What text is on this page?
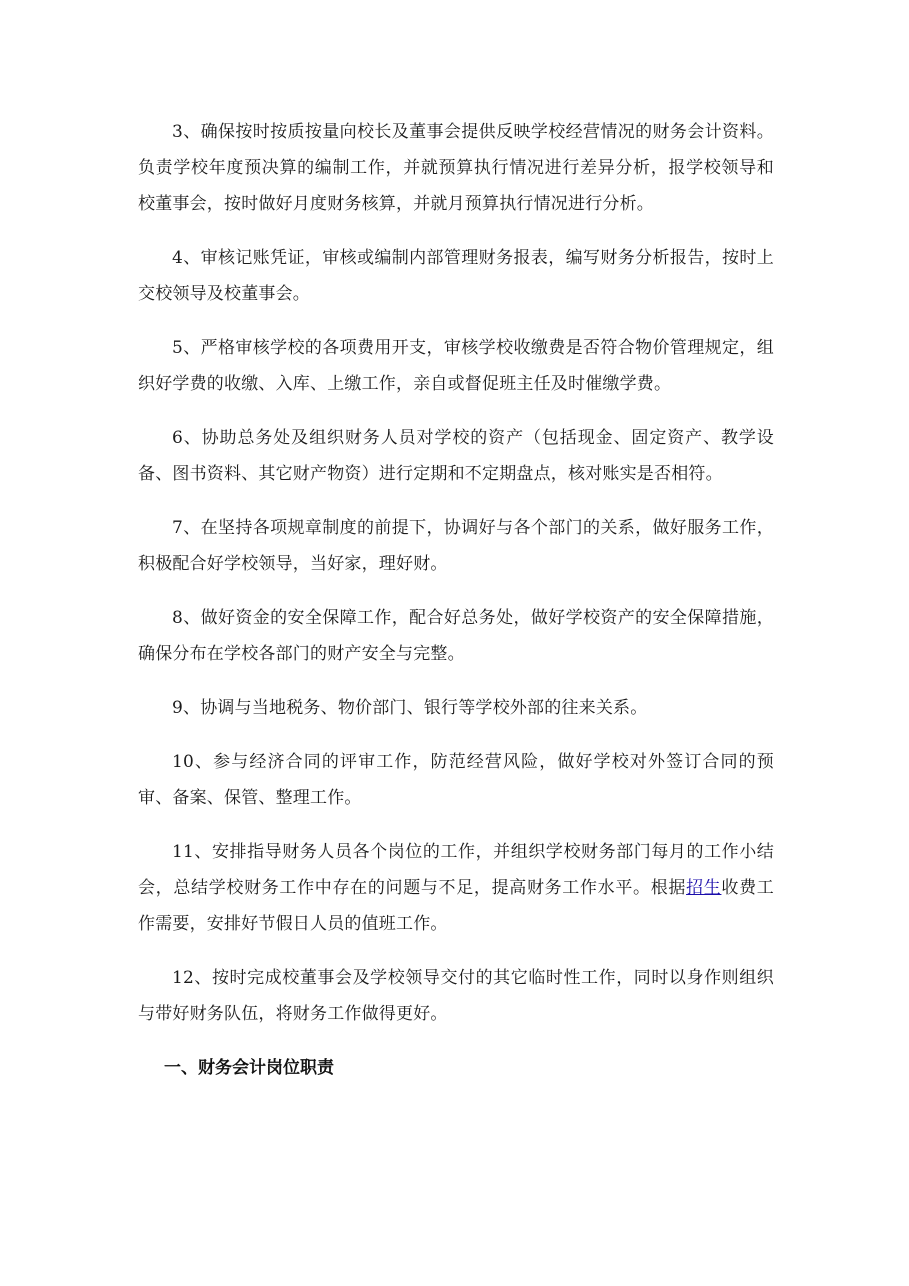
3、确保按时按质按量向校长及董事会提供反映学校经营情况的财务会计资料。负责学校年度预决算的编制工作，并就预算执行情况进行差异分析，报学校领导和校董事会，按时做好月度财务核算，并就月预算执行情况进行分析。

4、审核记账凭证，审核或编制内部管理财务报表，编写财务分析报告，按时上交校领导及校董事会。

5、严格审核学校的各项费用开支，审核学校收缴费是否符合物价管理规定，组织好学费的收缴、入库、上缴工作，亲自或督促班主任及时催缴学费。

6、协助总务处及组织财务人员对学校的资产（包括现金、固定资产、教学设备、图书资料、其它财产物资）进行定期和不定期盘点，核对账实是否相符。

7、在坚持各项规章制度的前提下，协调好与各个部门的关系，做好服务工作，积极配合好学校领导，当好家，理好财。

8、做好资金的安全保障工作，配合好总务处，做好学校资产的安全保障措施，确保分布在学校各部门的财产安全与完整。

9、协调与当地税务、物价部门、银行等学校外部的往来关系。

10、参与经济合同的评审工作，防范经营风险，做好学校对外签订合同的预审、备案、保管、整理工作。

11、安排指导财务人员各个岗位的工作，并组织学校财务部门每月的工作小结会，总结学校财务工作中存在的问题与不足，提高财务工作水平。根据招生收费工作需要，安排好节假日人员的值班工作。

12、按时完成校董事会及学校领导交付的其它临时性工作，同时以身作则组织与带好财务队伍，将财务工作做得更好。

一、财务会计岗位职责
